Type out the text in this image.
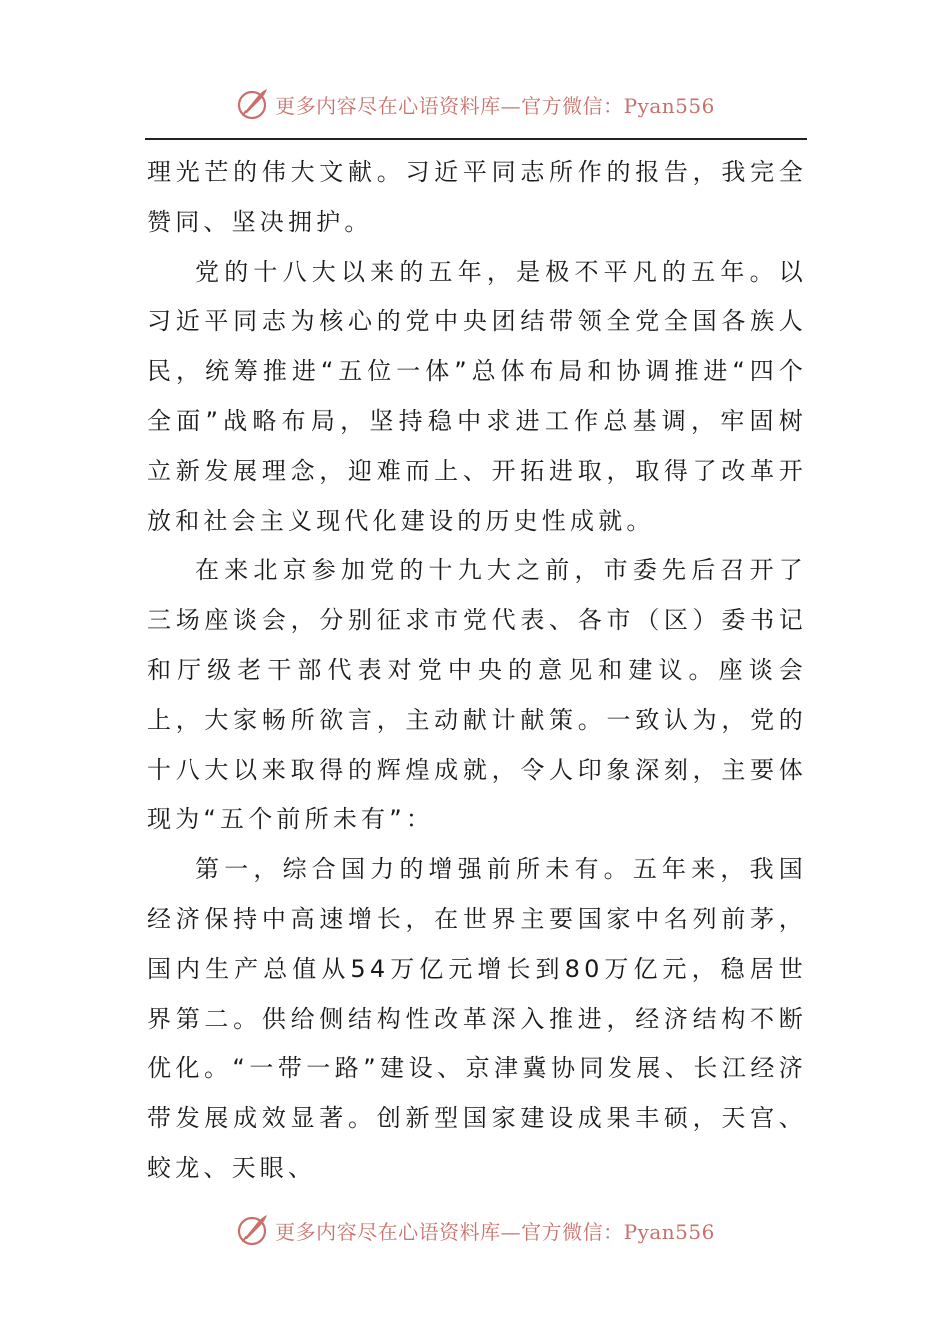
更多内容尽在心语资料库—官方微信：Pyan556

理光芒的伟大文献。习近平同志所作的报告，我完全赞同、坚决拥护。

党的十八大以来的五年，是极不平凡的五年。以习近平同志为核心的党中央团结带领全党全国各族人民，统筹推进“五位一体”总体布局和协调推进“四个全面”战略布局，坚持稳中求进工作总基调，牢固树立新发展理念，迎难而上、开拓进取，取得了改革开放和社会主义现代化建设的历史性成就。

在来北京参加党的十九大之前，市委先后召开了三场座谈会，分别征求市党代表、各市（区）委书记和厅级老干部代表对党中央的意见和建议。座谈会上，大家畅所欲言，主动献计献策。一致认为，党的十八大以来取得的辉煌成就，令人印象深刻，主要体现为“五个前所未有”：

第一，综合国力的增强前所未有。五年来，我国经济保持中高速增长，在世界主要国家中名列前茅，国内生产总值从54万亿元增长到80万亿元，稳居世界第二。供给侧结构性改革深入推进，经济结构不断优化。“一带一路”建设、京津冀协同发展、长江经济带发展成效显著。创新型国家建设成果丰硕，天宫、蛟龙、天眼、

更多内容尽在心语资料库—官方微信：Pyan556
